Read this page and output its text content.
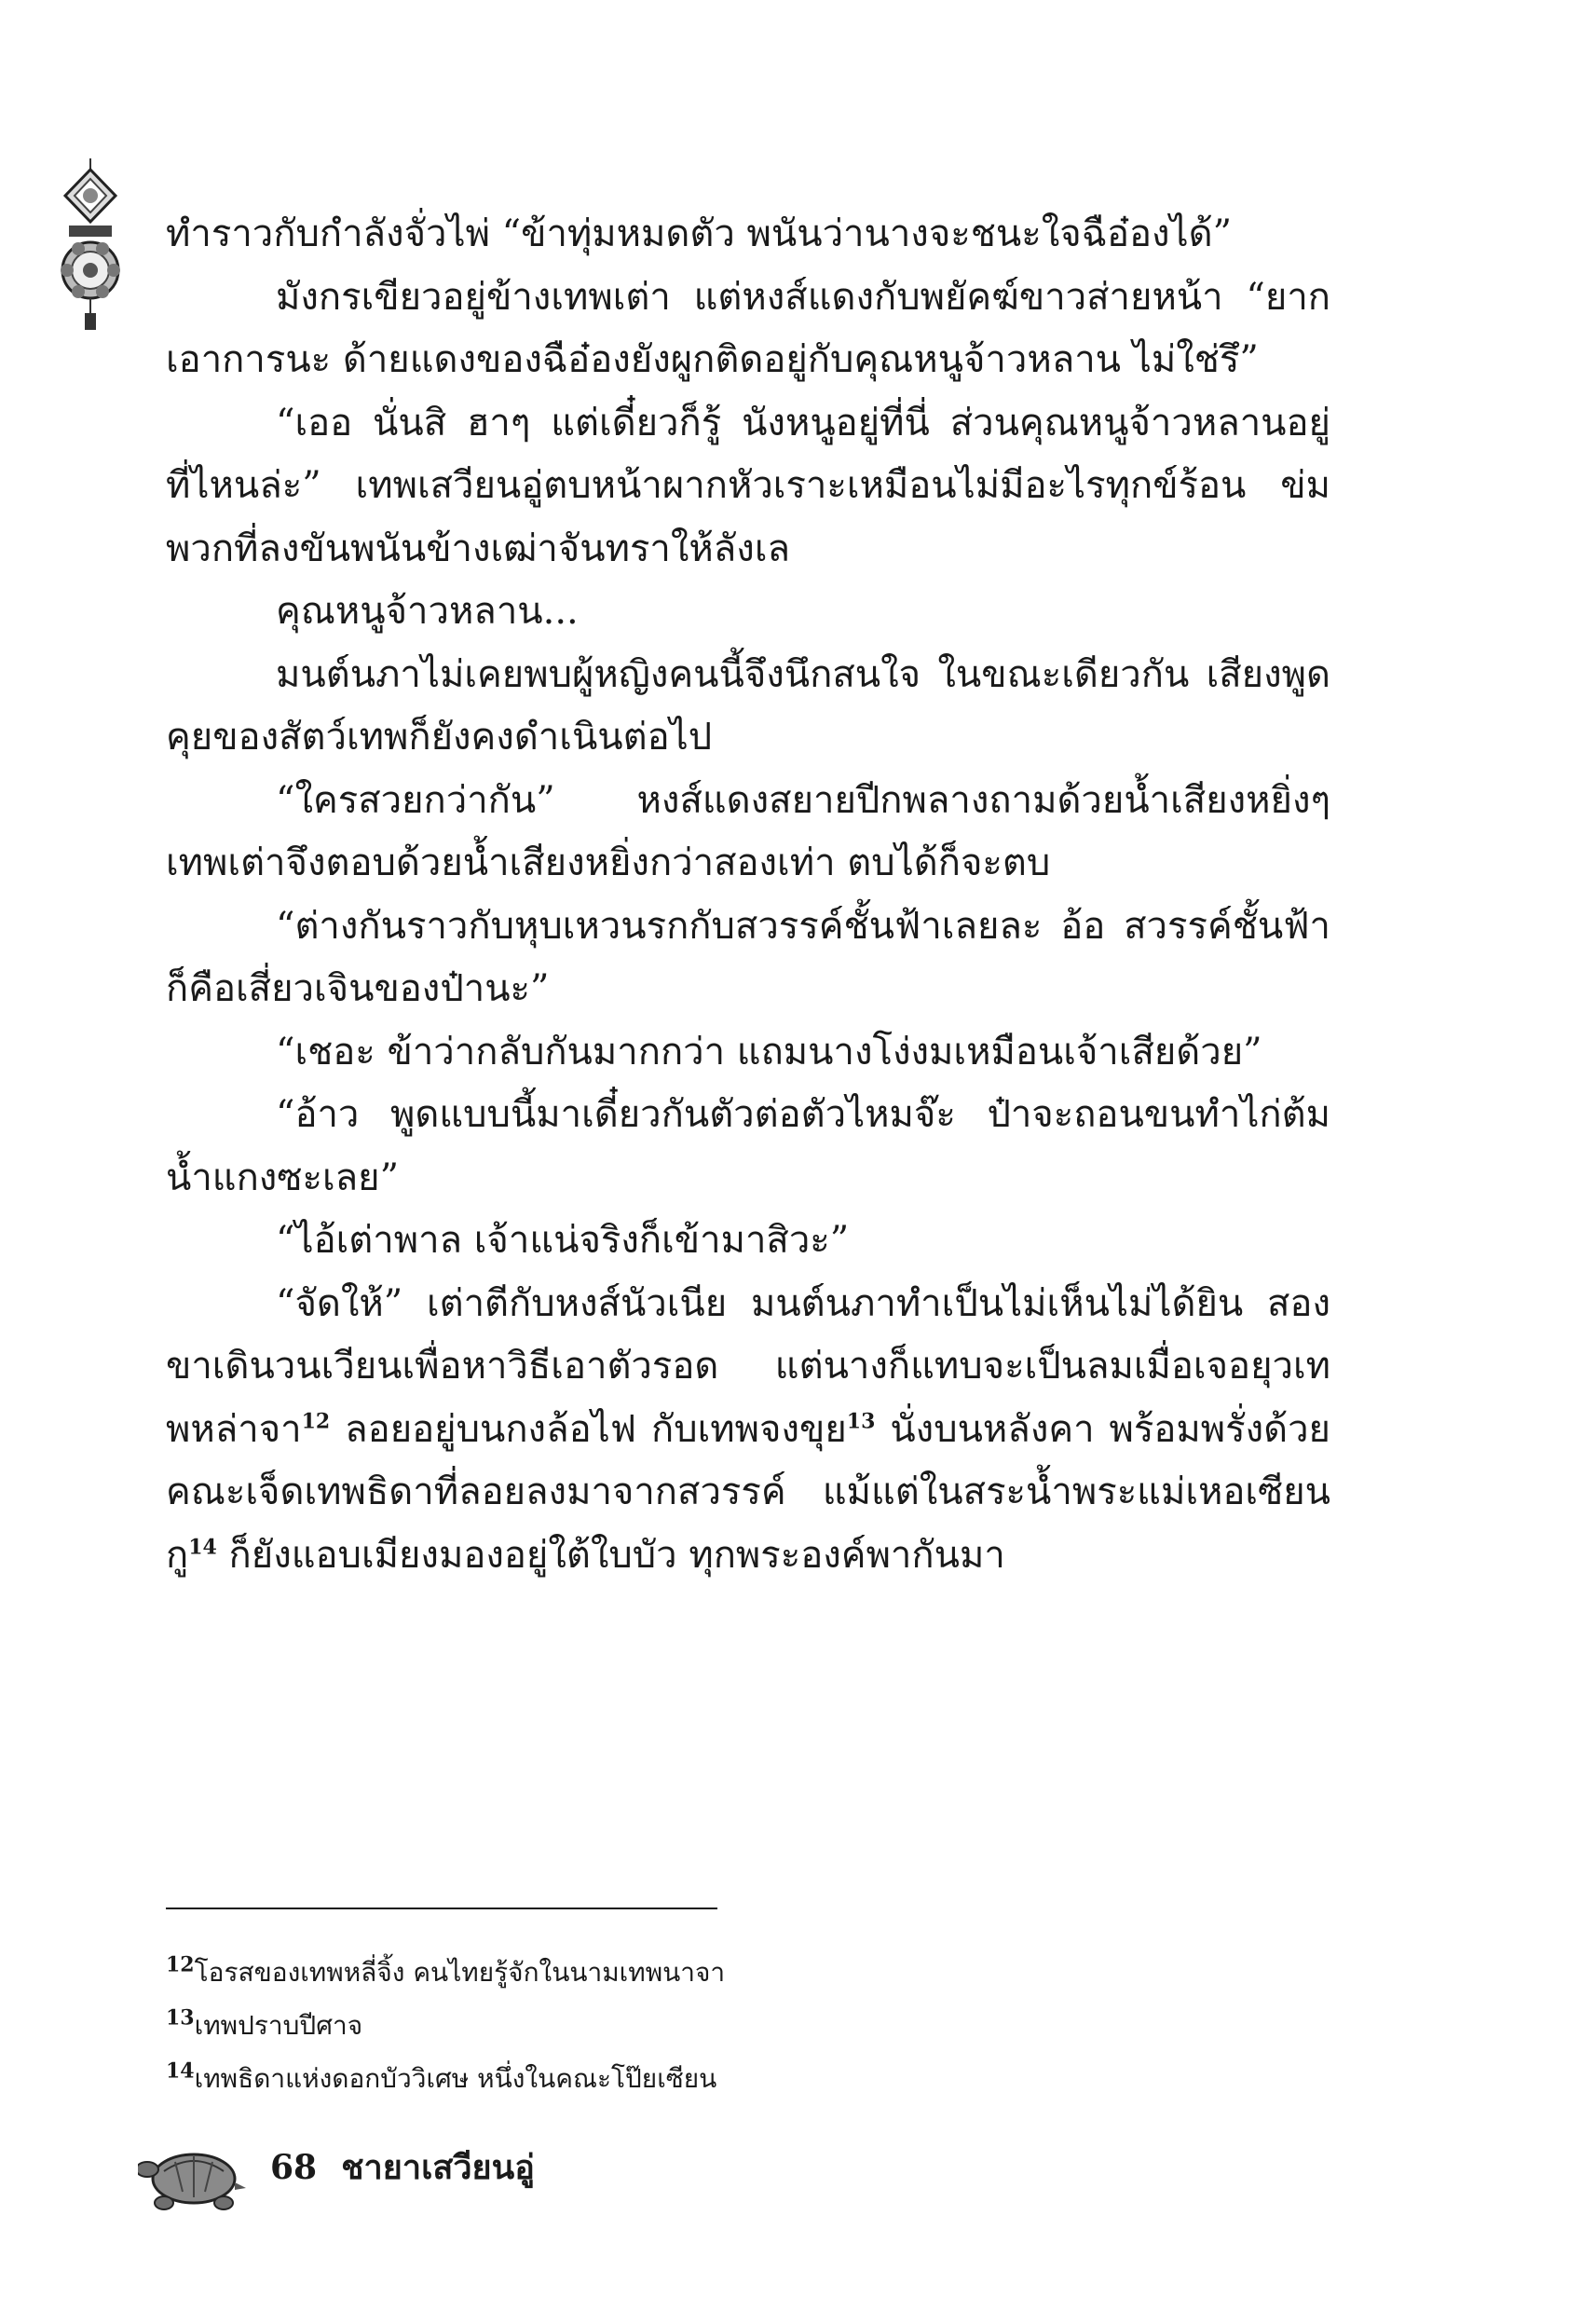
ทำราวกับกำลังจั่วไพ่ “ข้าทุ่มหมดตัว พนันว่านางจะชนะใจฉือ๋องได้”

มังกรเขียวอยู่ข้างเทพเต่า แต่หงส์แดงกับพยัคฆ์ขาวส่ายหน้า “ยากเอาการนะ ด้ายแดงของฉือ๋องยังผูกติดอยู่กับคุณหนูจ้าวหลาน ไม่ใช่รึ”

“เออ นั่นสิ ฮาๆ แต่เดี๋ยวก็รู้ นังหนูอยู่ที่นี่ ส่วนคุณหนูจ้าวหลานอยู่ที่ไหนล่ะ” เทพเสวียนอู่ตบหน้าผากหัวเราะเหมือนไม่มีอะไรทุกข์ร้อน ข่มพวกที่ลงขันพนันข้างเฒ่าจันทราให้ลังเล

คุณหนูจ้าวหลาน...

มนต์นภาไม่เคยพบผู้หญิงคนนี้จึงนึกสนใจ ในขณะเดียวกัน เสียงพูดคุยของสัตว์เทพก็ยังคงดำเนินต่อไป

“ใครสวยกว่ากัน” หงส์แดงสยายปีกพลางถามด้วยน้ำเสียงหยิ่งๆ เทพเต่าจึงตอบด้วยน้ำเสียงหยิ่งกว่าสองเท่า ตบได้ก็จะตบ

“ต่างกันราวกับหุบเหวนรกกับสวรรค์ชั้นฟ้าเลยละ อ้อ สวรรค์ชั้นฟ้าก็คือเสี่ยวเจินของป๋านะ”

“เชอะ ข้าว่ากลับกันมากกว่า แถมนางโง่งมเหมือนเจ้าเสียด้วย”

“อ้าว พูดแบบนี้มาเดี๋ยวกันตัวต่อตัวไหมจ๊ะ ป๋าจะถอนขนทำไก่ต้มน้ำแกงซะเลย”

“ไอ้เต่าพาล เจ้าแน่จริงก็เข้ามาสิวะ”

“จัดให้” เต่าตีกับหงส์นัวเนีย มนต์นภาทำเป็นไม่เห็นไม่ได้ยิน สองขาเดินวนเวียนเพื่อหาวิธีเอาตัวรอด แต่นางก็แทบจะเป็นลมเมื่อเจอยุวเทพหล่าจา$^{12}$ ลอยอยู่บนกงล้อไฟ กับเทพจงขุย$^{13}$ นั่งบนหลังคา พร้อมพรั่งด้วยคณะเจ็ดเทพธิดาที่ลอยลงมาจากสวรรค์ แม้แต่ในสระน้ำพระแม่เหอเซียนกู$^{14}$ ก็ยังแอบเมียงมองอยู่ใต้ใบบัว ทุกพระองค์พากันมา

$^{12}$โอรสของเทพหลี่จิ้ง คนไทยรู้จักในนามเทพนาจา

$^{13}$เทพปราบปีศาจ

$^{14}$เทพธิดาแห่งดอกบัววิเศษ หนึ่งในคณะโป๊ยเซียน

68 ชายาเสวียนอู่
